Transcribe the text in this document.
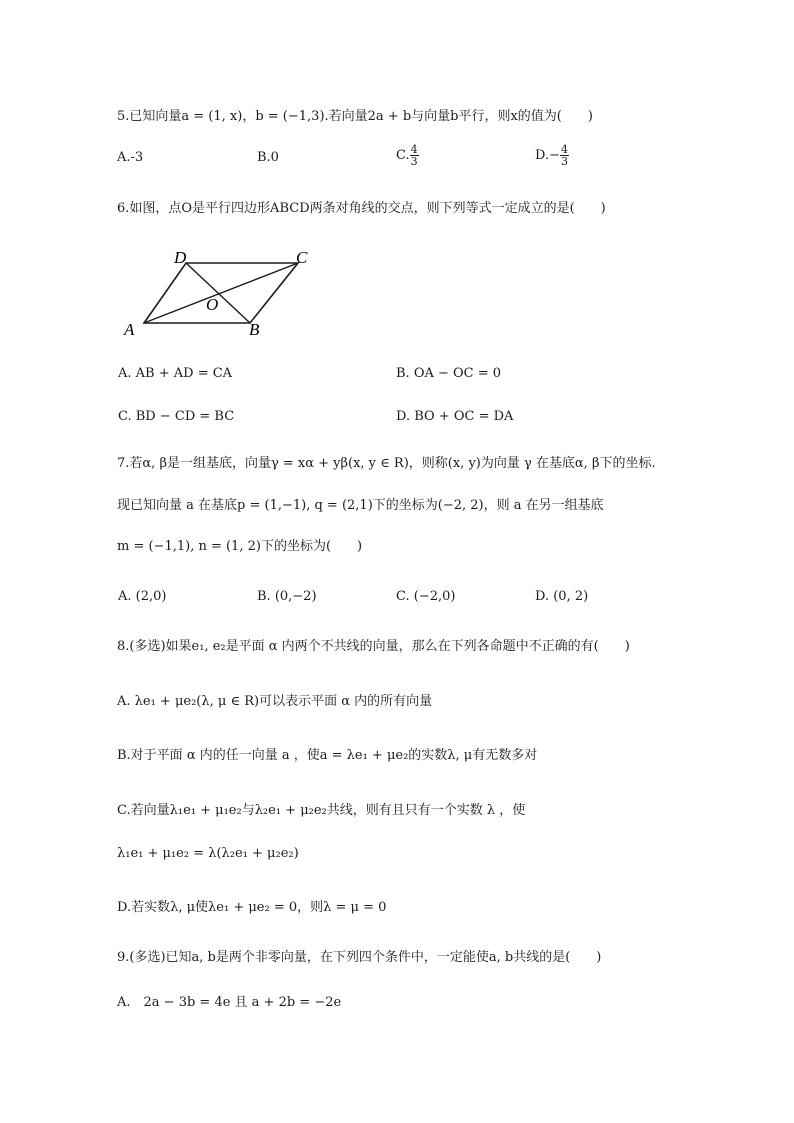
5.已知向量a = (1, x)，b = (−1,3).若向量2a + b与向量b平行，则x的值为(　　)
A.-3	B.0	C. $\frac{4}{3}$	$D.- \frac{4}{3}$
6.如图，点O是平行四边形ABCD两条对角线的交点，则下列等式一定成立的是(　　)
A	B
C
D
O
A. AB + AD = CA	B. OA − OC = 0
C. BD − CD = BC	D. BO + OC = DA
7.若α, β是一组基底，向量γ = xα + yβ(x, y ∈ R)，则称(x, y)为向量 γ 在基底α, β下的坐标.
现已知向量 a 在基底p = (1,−1), q = (2,1)下的坐标为(−2, 2)，则 a 在另一组基底
m = (−1,1), n = (1, 2)下的坐标为(　　)
A. (2,0)	B. (0,−2)	C. (−2,0)	D. (0, 2)
8.(多选)如果e₁, e₂是平面 α 内两个不共线的向量，那么在下列各命题中不正确的有(　　)
A. λe₁ + μe₂(λ, μ ∈ R)可以表示平面 α 内的所有向量
B.对于平面 α 内的任一向量 a ，使a = λe₁ + μe₂的实数λ, μ有无数多对
C.若向量λ₁e₁ + μ₁e₂与λ₂e₁ + μ₂e₂共线，则有且只有一个实数 λ ，使
λ₁e₁ + μ₁e₂ = λ(λ₂e₁ + μ₂e₂)
D.若实数λ, μ使λe₁ + μe₂ = 0，则λ = μ = 0
9.(多选)已知a, b是两个非零向量，在下列四个条件中，一定能使a, b共线的是(　　)
A.　2a − 3b = 4e 且 a + 2b = −2e
